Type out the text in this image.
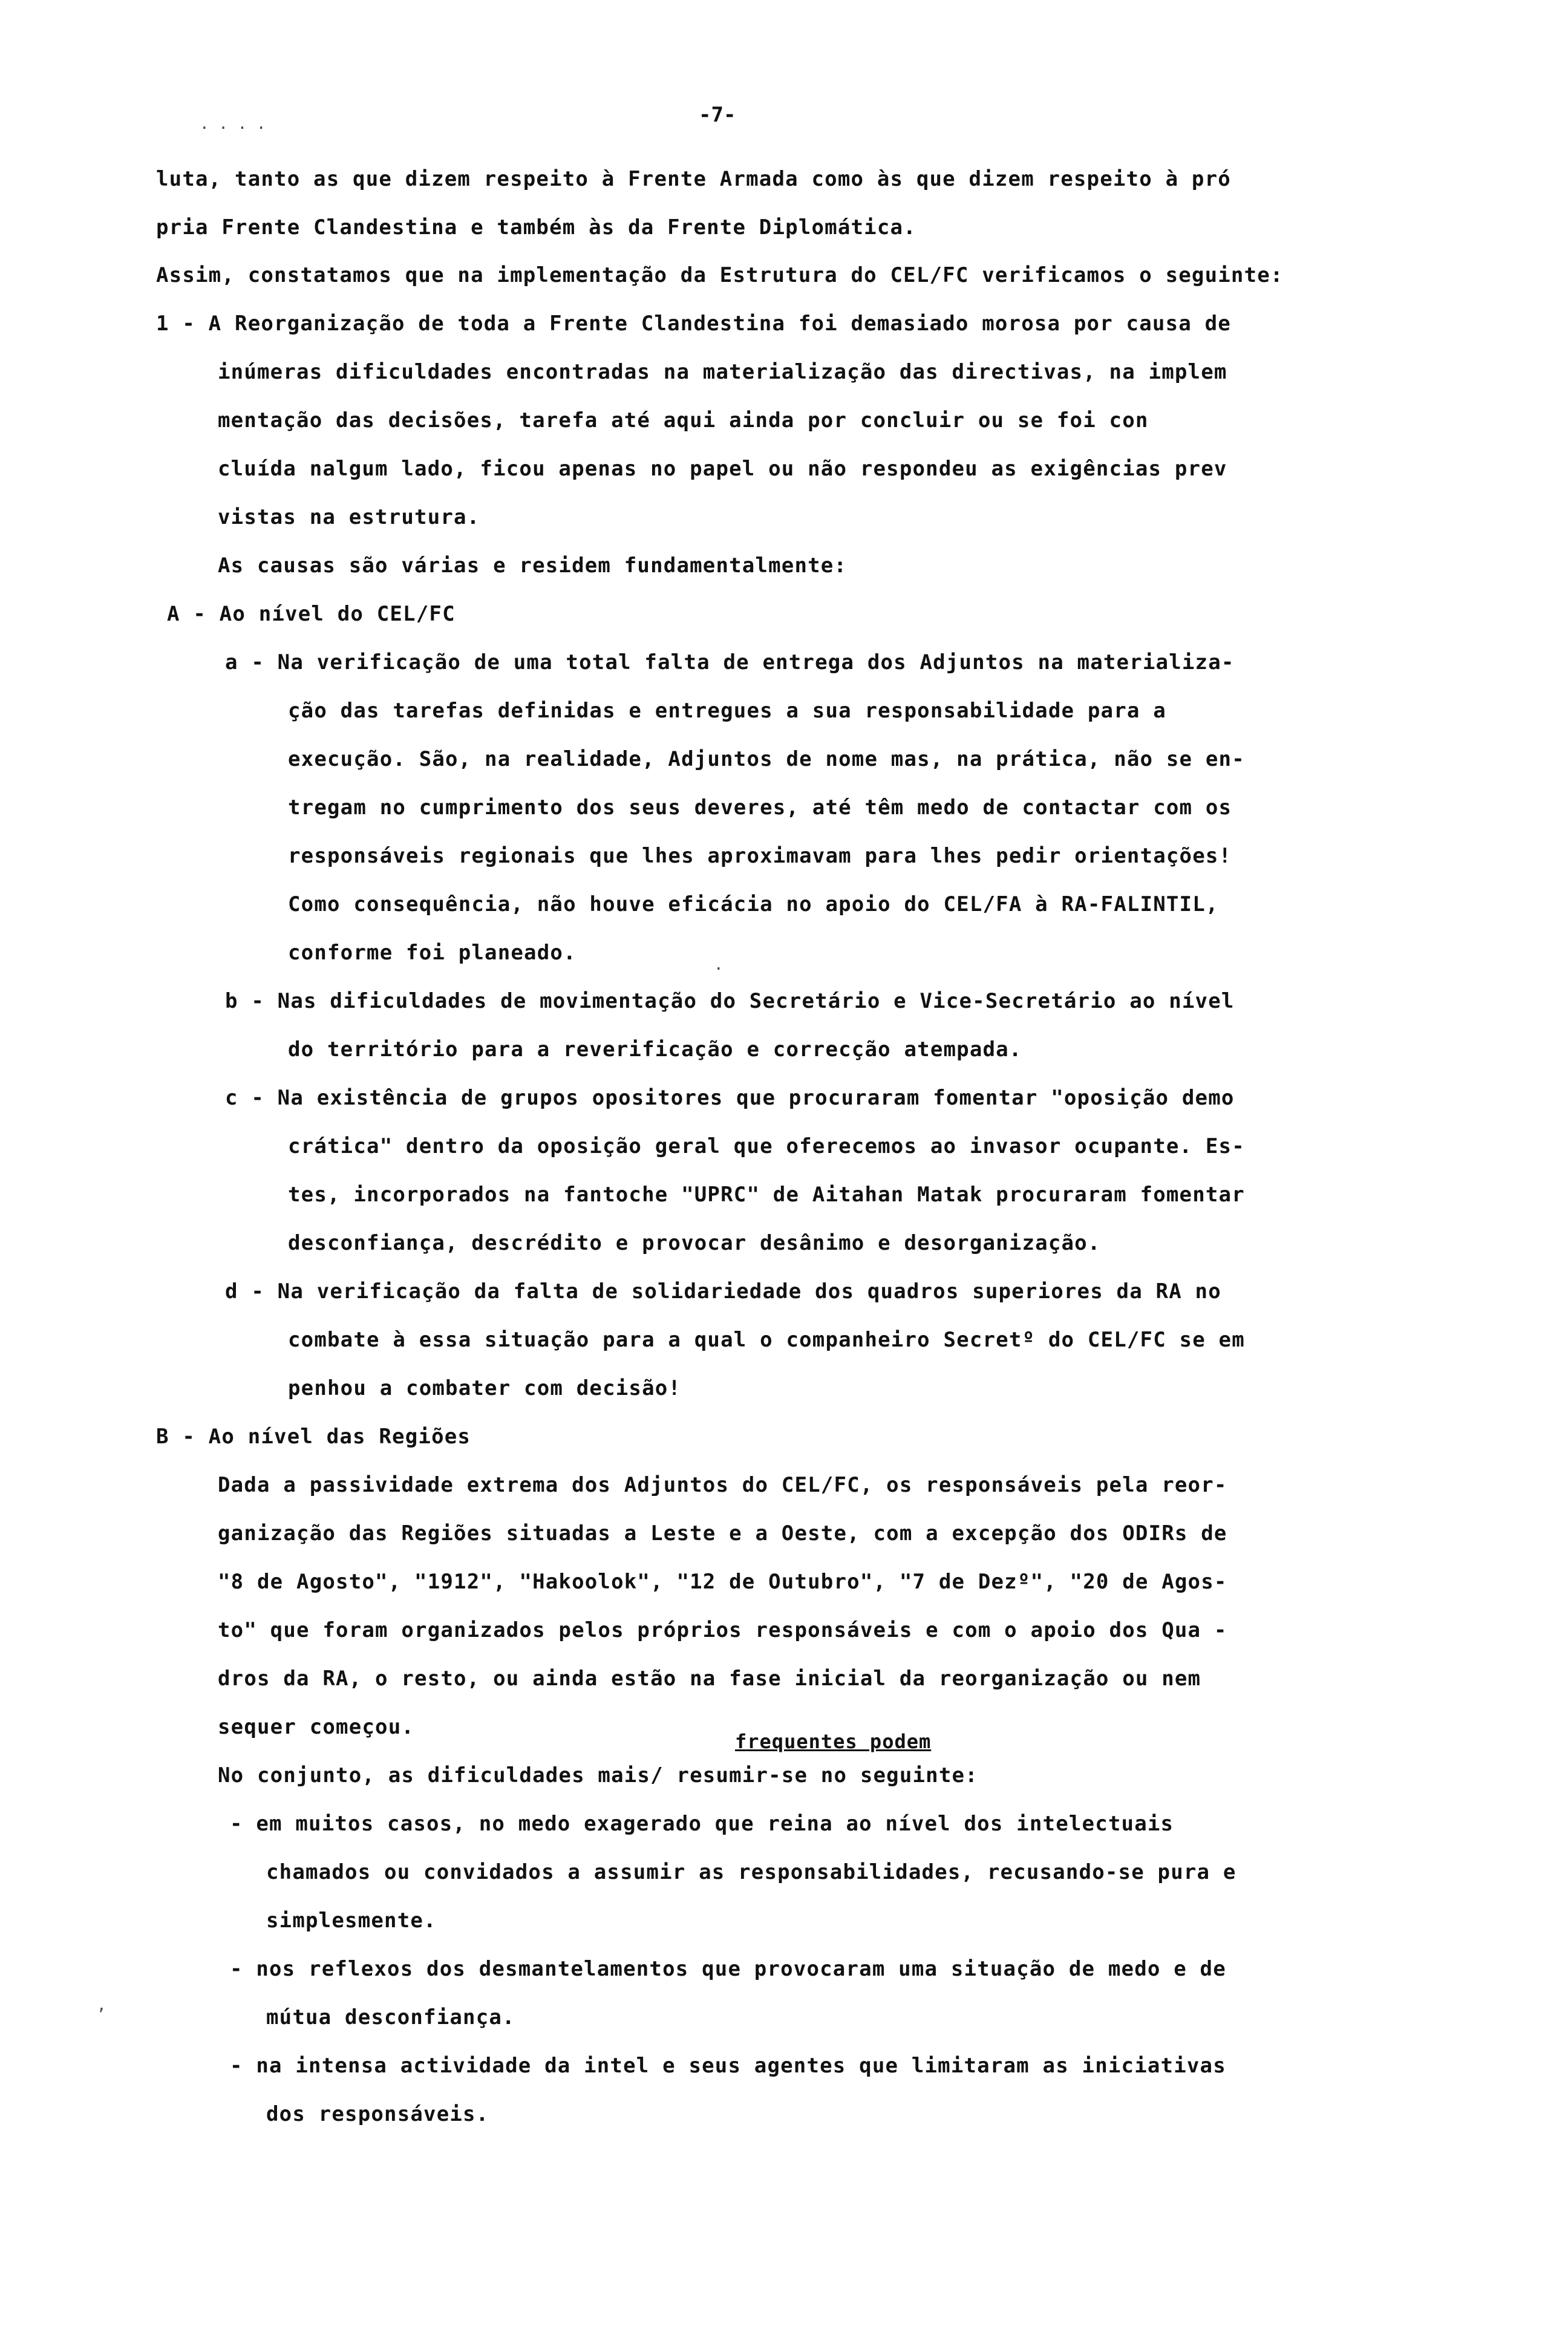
. . . .	-7-
luta, tanto as que dizem respeito à Frente Armada como às que dizem respeito à pró
pria Frente Clandestina e também às da Frente Diplomática.
Assim, constatamos que na implementação da Estrutura do CEL/FC verificamos o seguinte:
1 - A Reorganização de toda a Frente Clandestina foi demasiado morosa por causa de
inúmeras dificuldades encontradas na materialização das directivas, na implem
mentação das decisões, tarefa até aqui ainda por concluir ou se foi con
cluída nalgum lado, ficou apenas no papel ou não respondeu as exigências prev
vistas na estrutura.
As causas são várias e residem fundamentalmente:
A - Ao nível do CEL/FC
a - Na verificação de uma total falta de entrega dos Adjuntos na materializa-
ção das tarefas definidas e entregues a sua responsabilidade para a
execução. São, na realidade, Adjuntos de nome mas, na prática, não se en-
tregam no cumprimento dos seus deveres, até têm medo de contactar com os
responsáveis regionais que lhes aproximavam para lhes pedir orientações!
Como consequência, não houve eficácia no apoio do CEL/FA à RA-FALINTIL,
conforme foi planeado.
b - Nas dificuldades de movimentação do Secretário e Vice-Secretário ao nível
do território para a reverificação e correcção atempada.
c - Na existência de grupos opositores que procuraram fomentar "oposição demo
crática" dentro da oposição geral que oferecemos ao invasor ocupante. Es-
tes, incorporados na fantoche "UPRC" de Aitahan Matak procuraram fomentar
desconfiança, descrédito e provocar desânimo e desorganização.
d - Na verificação da falta de solidariedade dos quadros superiores da RA no
combate à essa situação para a qual o companheiro Secretº do CEL/FC se em
penhou a combater com decisão!
B - Ao nível das Regiões
Dada a passividade extrema dos Adjuntos do CEL/FC, os responsáveis pela reor-
ganização das Regiões situadas a Leste e a Oeste, com a excepção dos ODIRs de
"8 de Agosto", "1912", "Hakoolok", "12 de Outubro", "7 de Dezº", "20 de Agos-
to" que foram organizados pelos próprios responsáveis e com o apoio dos Qua -
dros da RA, o resto, ou ainda estão na fase inicial da reorganização ou nem
sequer começou.
frequentes podem
No conjunto, as dificuldades mais/ resumir-se no seguinte:
- em muitos casos, no medo exagerado que reina ao nível dos intelectuais
chamados ou convidados a assumir as responsabilidades, recusando-se pura e
simplesmente.
- nos reflexos dos desmantelamentos que provocaram uma situação de medo e de
mútua desconfiança.
- na intensa actividade da intel e seus agentes que limitaram as iniciativas
dos responsáveis.
,
.
